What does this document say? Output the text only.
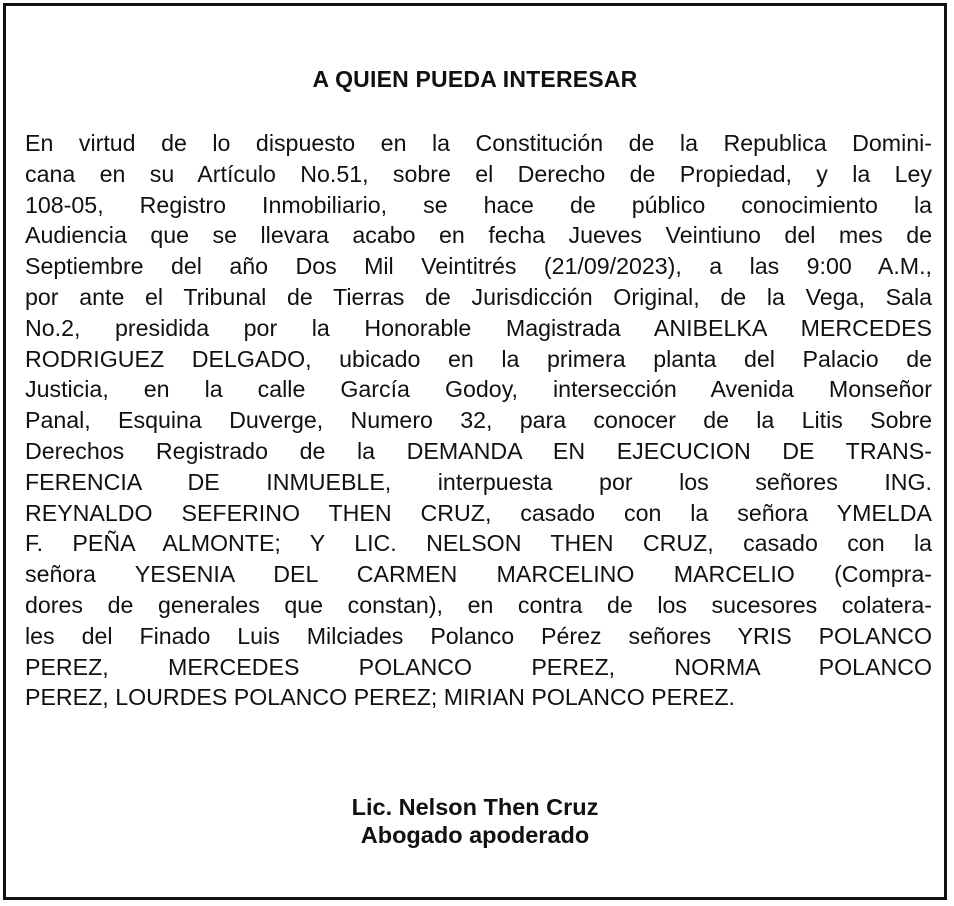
A QUIEN PUEDA INTERESAR
En virtud de lo dispuesto en la Constitución de la Republica Domini-
cana en su Artículo No.51, sobre el Derecho de Propiedad, y la Ley
108-05, Registro Inmobiliario, se hace de público conocimiento la
Audiencia que se llevara acabo en fecha Jueves Veintiuno del mes de
Septiembre del año Dos Mil Veintitrés (21/09/2023), a las 9:00 A.M.,
por ante el Tribunal de Tierras de Jurisdicción Original, de la Vega, Sala
No.2, presidida por la Honorable Magistrada ANIBELKA MERCEDES
RODRIGUEZ DELGADO, ubicado en la primera planta del Palacio de
Justicia, en la calle García Godoy, intersección Avenida Monseñor
Panal, Esquina Duverge, Numero 32, para conocer de la Litis Sobre
Derechos Registrado de la DEMANDA EN EJECUCION DE TRANS-
FERENCIA DE INMUEBLE, interpuesta por los señores ING.
REYNALDO SEFERINO THEN CRUZ, casado con la señora YMELDA
F. PEÑA ALMONTE; Y LIC. NELSON THEN CRUZ, casado con la
señora YESENIA DEL CARMEN MARCELINO MARCELIO (Compra-
dores de generales que constan), en contra de los sucesores colatera-
les del Finado Luis Milciades Polanco Pérez señores YRIS POLANCO
PEREZ, MERCEDES POLANCO PEREZ, NORMA POLANCO
PEREZ, LOURDES POLANCO PEREZ; MIRIAN POLANCO PEREZ.
Lic. Nelson Then Cruz
Abogado apoderado
